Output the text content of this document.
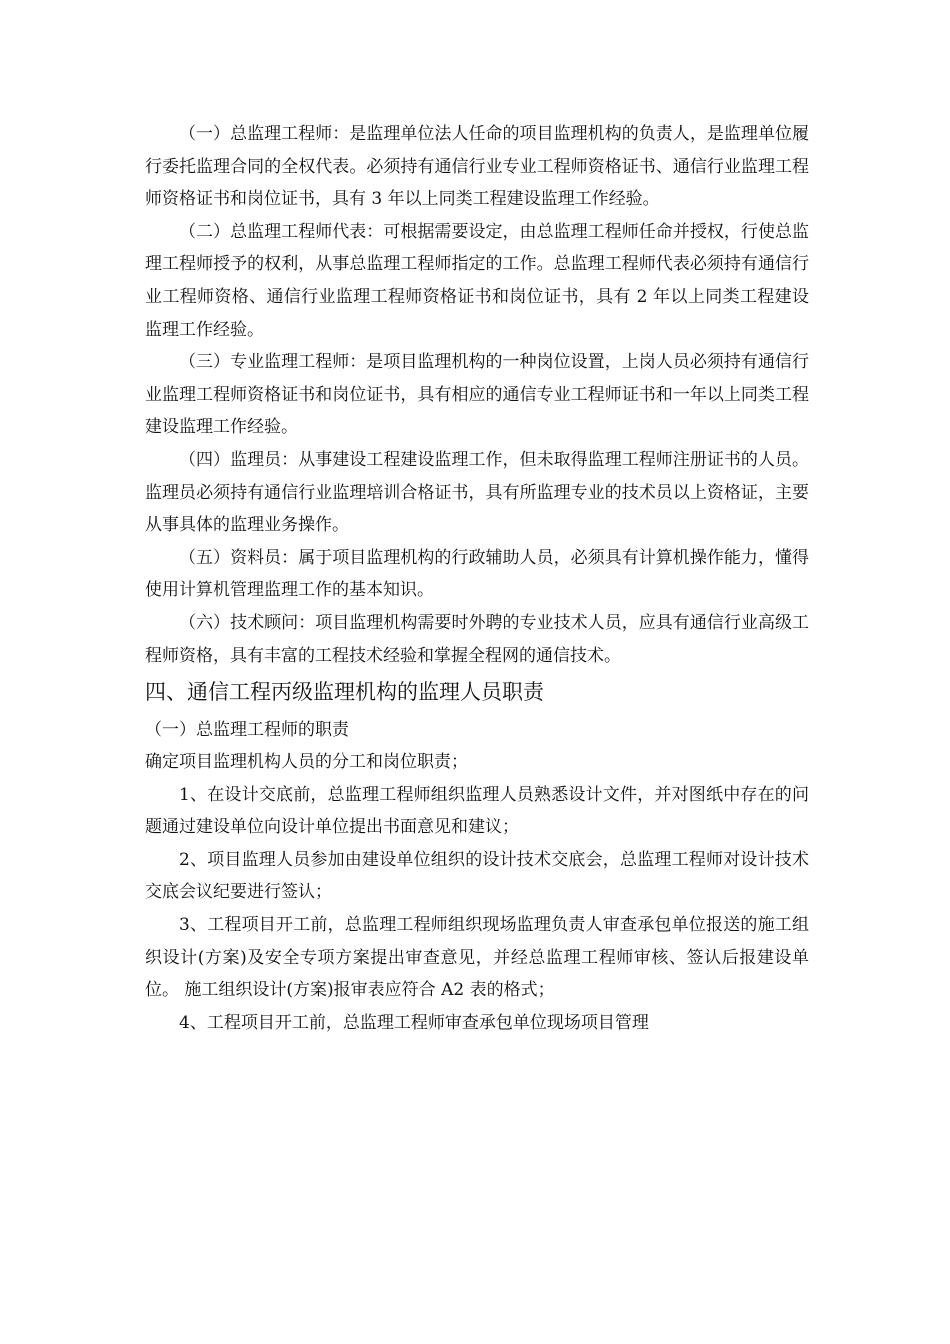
（一）总监理工程师：是监理单位法人任命的项目监理机构的负责人，是监理单位履行委托监理合同的全权代表。必须持有通信行业专业工程师资格证书、通信行业监理工程师资格证书和岗位证书，具有 3 年以上同类工程建设监理工作经验。

（二）总监理工程师代表：可根据需要设定，由总监理工程师任命并授权，行使总监理工程师授予的权利，从事总监理工程师指定的工作。总监理工程师代表必须持有通信行业工程师资格、通信行业监理工程师资格证书和岗位证书，具有 2 年以上同类工程建设监理工作经验。

（三）专业监理工程师：是项目监理机构的一种岗位设置，上岗人员必须持有通信行业监理工程师资格证书和岗位证书，具有相应的通信专业工程师证书和一年以上同类工程建设监理工作经验。

（四）监理员：从事建设工程建设监理工作，但未取得监理工程师注册证书的人员。监理员必须持有通信行业监理培训合格证书，具有所监理专业的技术员以上资格证，主要从事具体的监理业务操作。

（五）资料员：属于项目监理机构的行政辅助人员，必须具有计算机操作能力，懂得使用计算机管理监理工作的基本知识。

（六）技术顾问：项目监理机构需要时外聘的专业技术人员，应具有通信行业高级工程师资格，具有丰富的工程技术经验和掌握全程网的通信技术。

四、通信工程丙级监理机构的监理人员职责
（一）总监理工程师的职责

确定项目监理机构人员的分工和岗位职责；

1、在设计交底前，总监理工程师组织监理人员熟悉设计文件，并对图纸中存在的问题通过建设单位向设计单位提出书面意见和建议；

2、项目监理人员参加由建设单位组织的设计技术交底会，总监理工程师对设计技术交底会议纪要进行签认；

3、工程项目开工前，总监理工程师组织现场监理负责人审查承包单位报送的施工组织设计(方案)及安全专项方案提出审查意见，并经总监理工程师审核、签认后报建设单位。 施工组织设计(方案)报审表应符合 A2 表的格式；

4、工程项目开工前，总监理工程师审查承包单位现场项目管理
